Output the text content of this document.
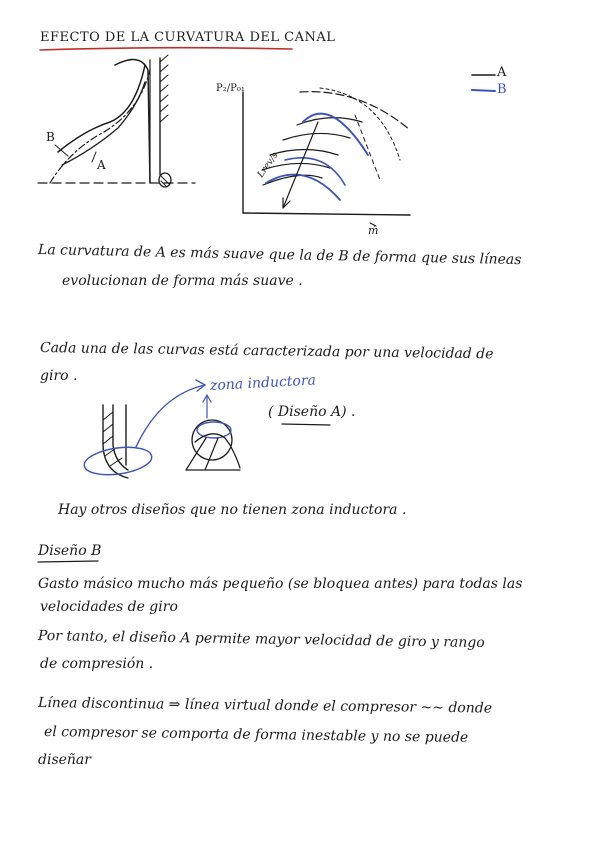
EFECTO DE LA CURVATURA DEL CANAL
B
A
P₂/P₀₁
ṁ
Lrev/s
A
B
La curvatura de A es más suave que la de B de forma que sus líneas
evolucionan de forma más suave .
Cada una de las curvas está caracterizada por una velocidad de
giro .	zona inductora
( Diseño A) .
Hay otros diseños que no tienen zona inductora .
Diseño B
Gasto másico mucho más pequeño (se bloquea antes) para todas las
velocidades de giro
Por tanto, el diseño A permite mayor velocidad de giro y rango
de compresión .
Línea discontinua ⇒ línea virtual donde el compresor ~~ donde
el compresor se comporta de forma inestable y no se puede
diseñar
